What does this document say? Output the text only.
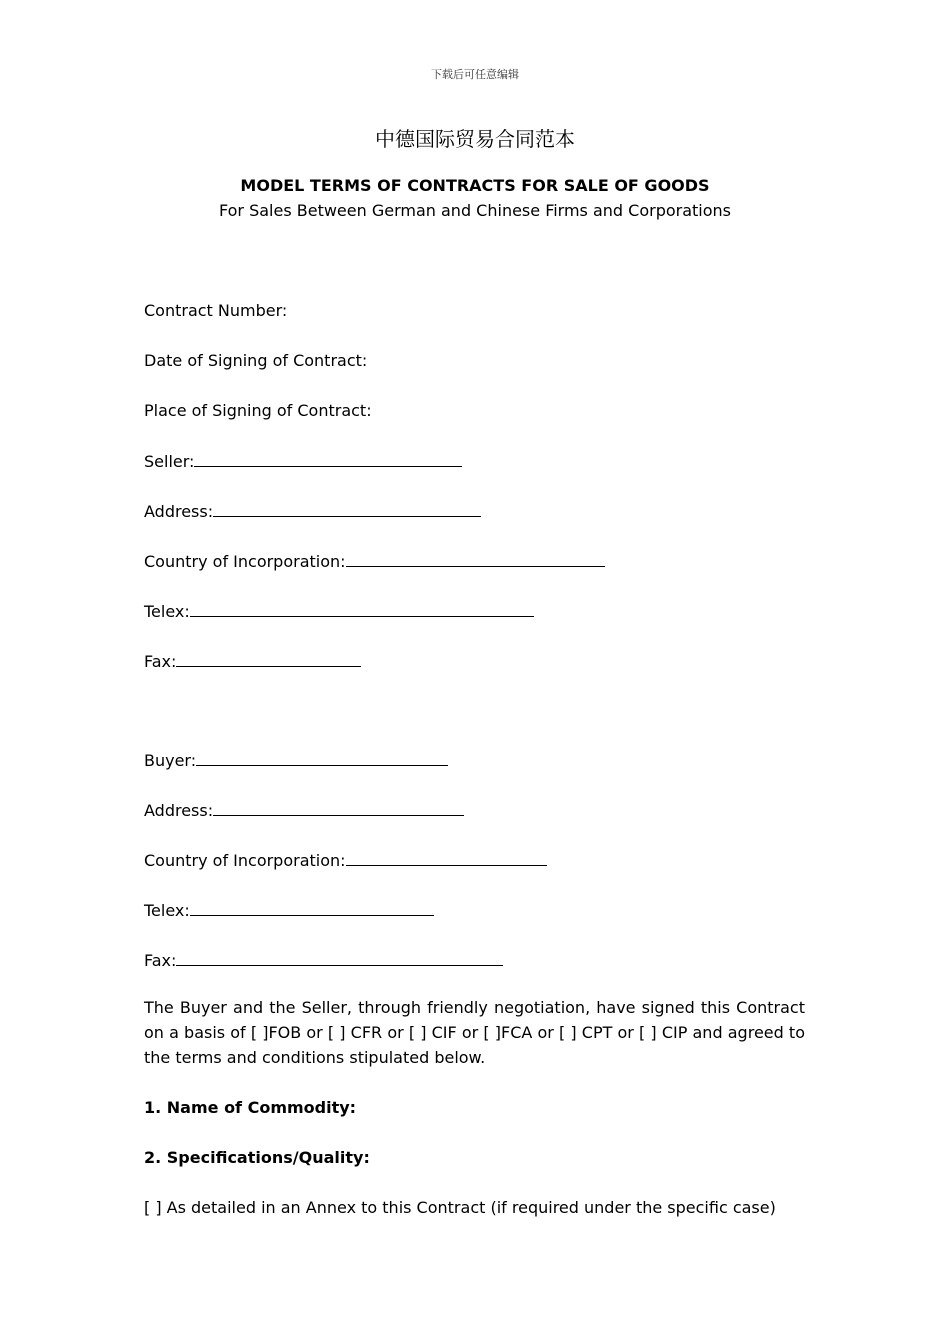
下载后可任意编辑
中德国际贸易合同范本
MODEL TERMS OF CONTRACTS FOR SALE OF GOODS
For Sales Between German and Chinese Firms and Corporations
Contract Number:
Date of Signing of Contract:
Place of Signing of Contract:
Seller:
Address:
Country of Incorporation:
Telex:
Fax:
Buyer:
Address:
Country of Incorporation:
Telex:
Fax:
The Buyer and the Seller, through friendly negotiation, have signed this Contract on a basis of [ ]FOB or [ ] CFR or [ ] CIF or [ ]FCA or [ ] CPT or [ ] CIP and agreed to the terms and conditions stipulated below.
1. Name of Commodity:
2. Specifications/Quality:
[ ] As detailed in an Annex to this Contract (if required under the specific case)
